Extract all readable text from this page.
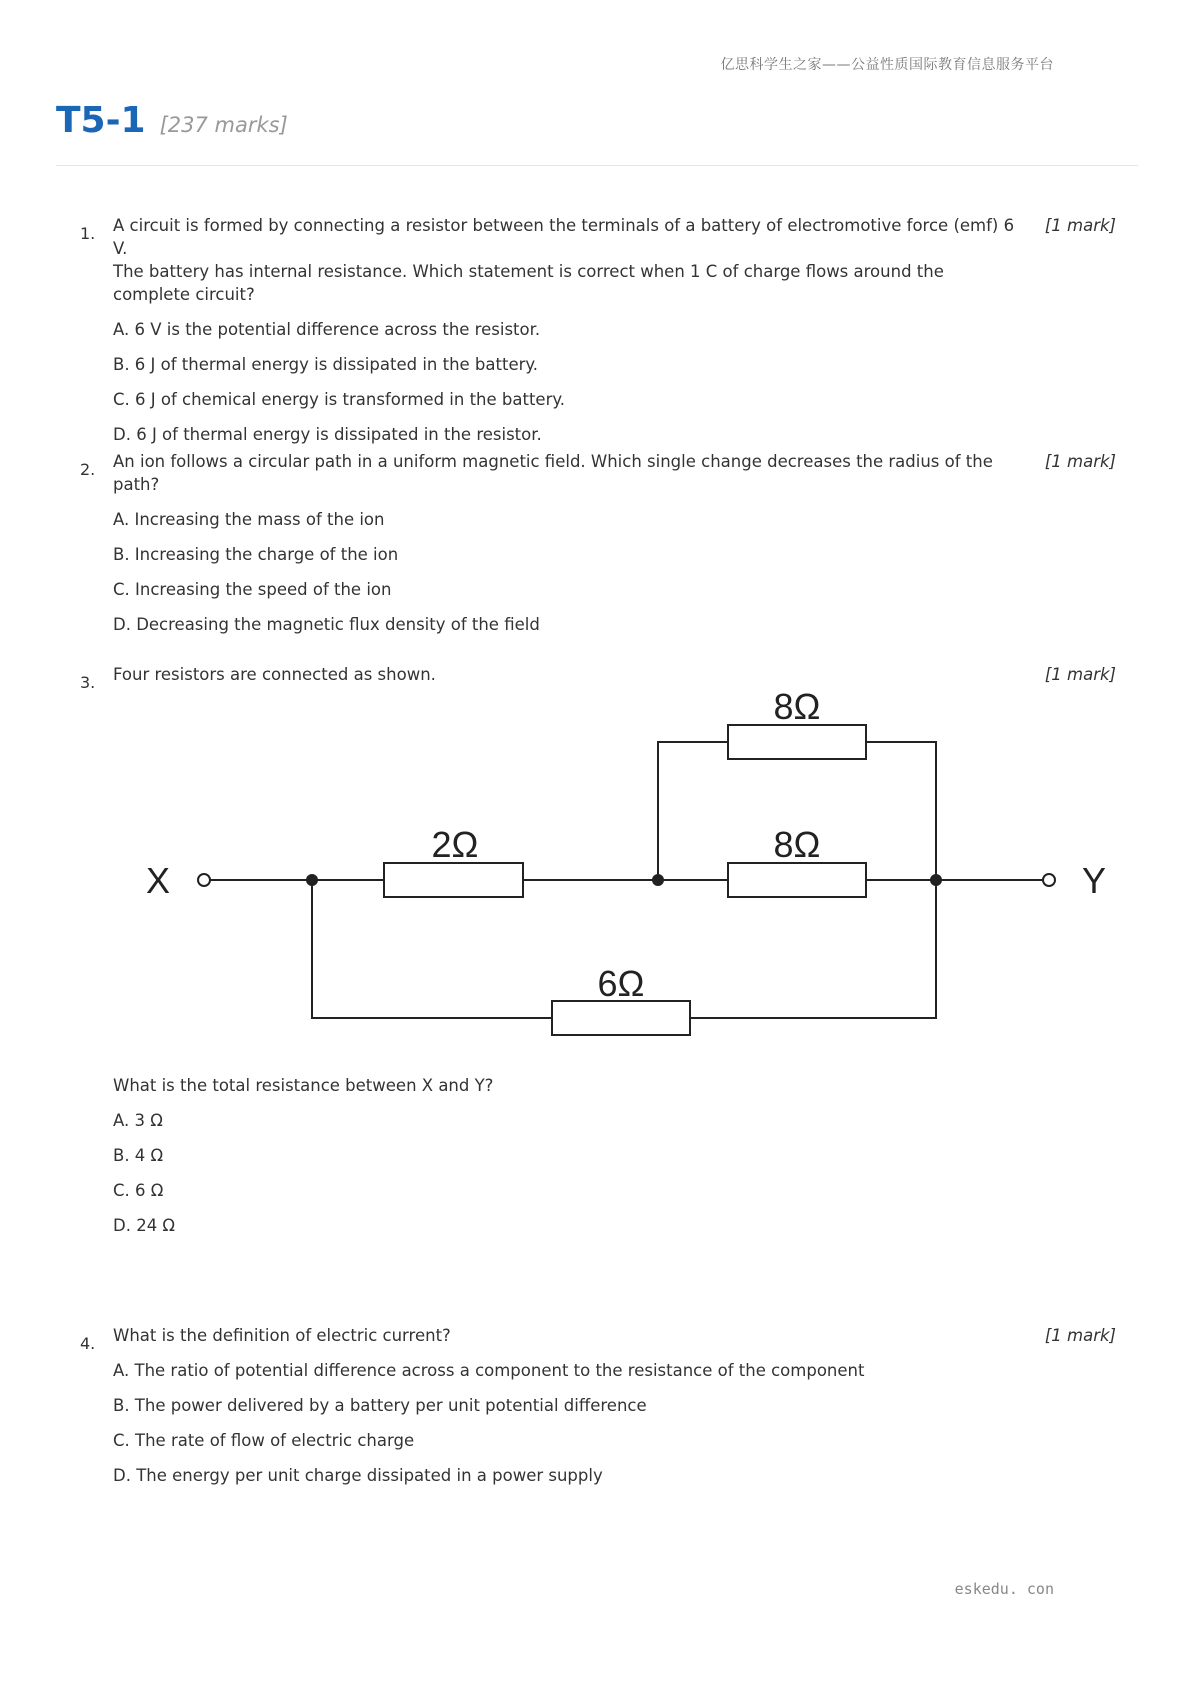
亿思科学生之家——公益性质国际教育信息服务平台
T5-1 [237 marks]
1. A circuit is formed by connecting a resistor between the terminals of a battery of electromotive force (emf) 6 V.
The battery has internal resistance. Which statement is correct when 1 C of charge flows around the complete circuit?
[1 mark]
A. 6 V is the potential difference across the resistor.
B. 6 J of thermal energy is dissipated in the battery.
C. 6 J of chemical energy is transformed in the battery.
D. 6 J of thermal energy is dissipated in the resistor.
2. An ion follows a circular path in a uniform magnetic field. Which single change decreases the radius of the path?
[1 mark]
A. Increasing the mass of the ion
B. Increasing the charge of the ion
C. Increasing the speed of the ion
D. Decreasing the magnetic flux density of the field
3. Four resistors are connected as shown.	[1 mark]
X	Y
8Ω
8Ω
2Ω
6Ω
What is the total resistance between X and Y?
A. 3 Ω
B. 4 Ω
C. 6 Ω
D. 24 Ω
4. What is the definition of electric current?	[1 mark]
A. The ratio of potential difference across a component to the resistance of the component
B. The power delivered by a battery per unit potential difference
C. The rate of flow of electric charge
D. The energy per unit charge dissipated in a power supply
eskedu. con
